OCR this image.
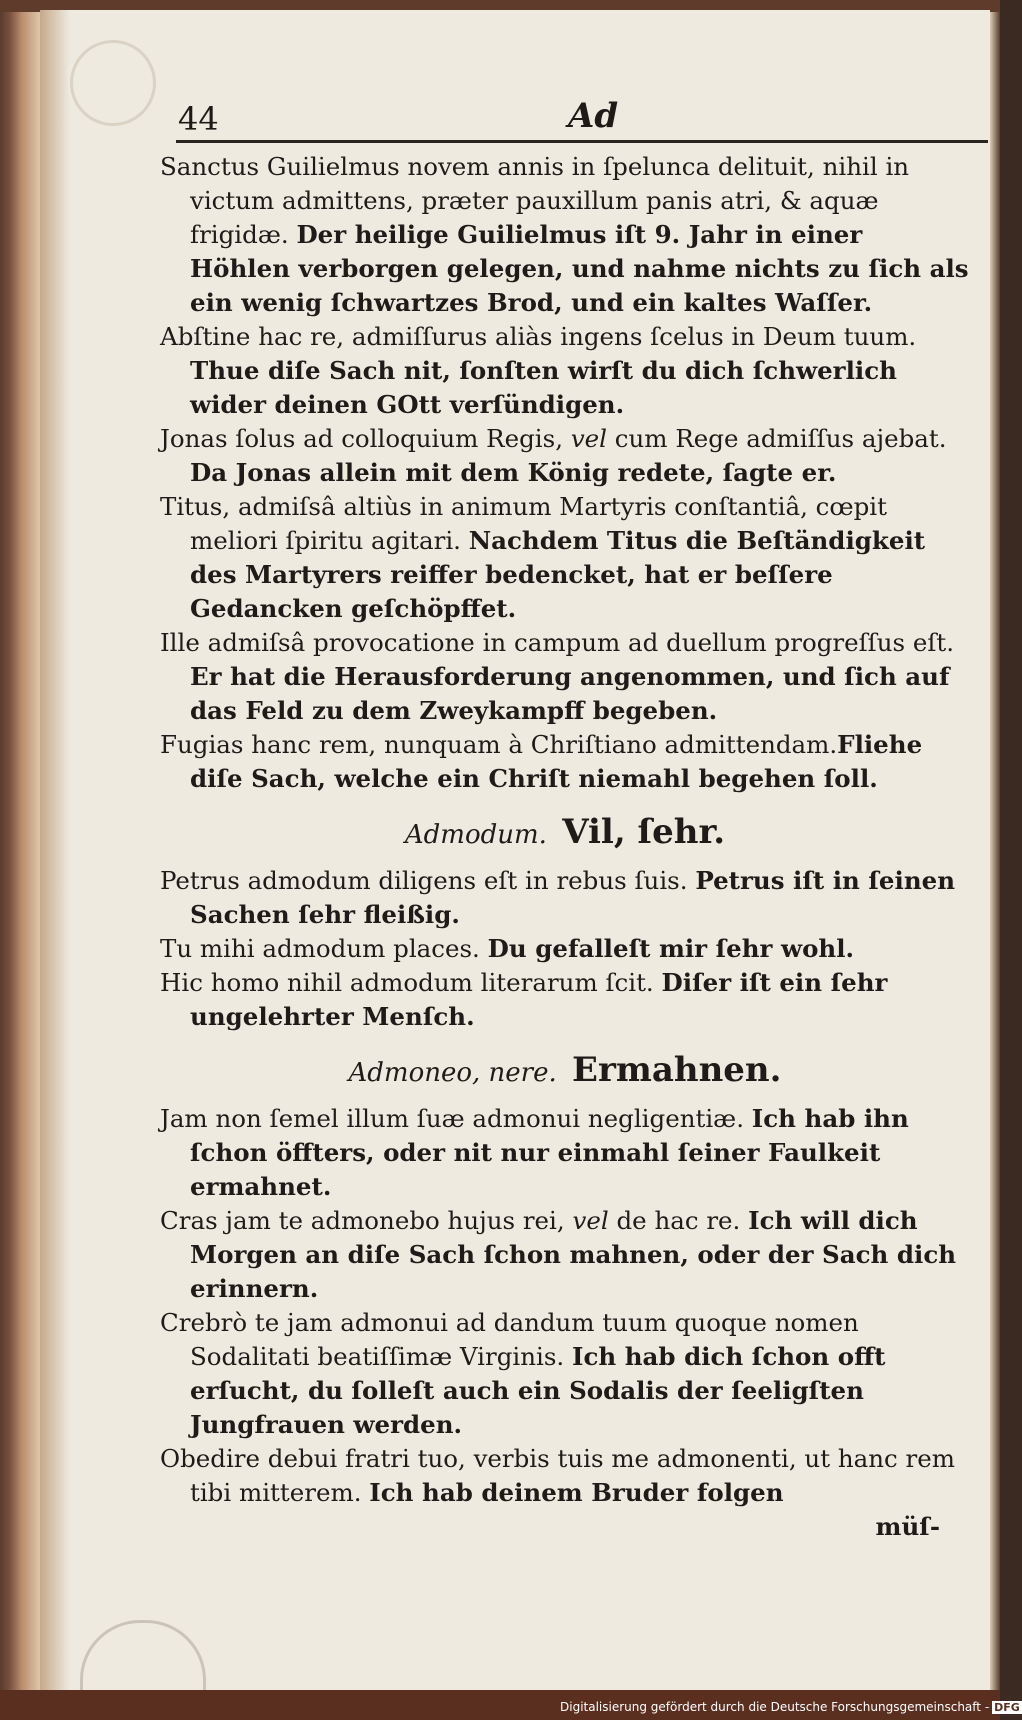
44	Ad

Sanctus Guilielmus novem annis in ſpelunca delituit, nihil in victum admittens, præter pauxillum panis atri, & aquæ frigidæ. Der heilige Guilielmus iſt 9. Jahr in einer Höhlen verborgen gelegen, und nahme nichts zu ſich als ein wenig ſchwartzes Brod, und ein kaltes Waſſer.

Abſtine hac re, admiſſurus aliàs ingens ſcelus in Deum tuum. Thue diſe Sach nit, ſonſten wirſt du dich ſchwerlich wider deinen GOtt verſündigen.

Jonas ſolus ad colloquium Regis, vel cum Rege admiſſus ajebat. Da Jonas allein mit dem König redete, ſagte er.

Titus, admiſsâ altiùs in animum Martyris conſtantiâ, cœpit meliori ſpiritu agitari. Nachdem Titus die Beſtändigkeit des Martyrers reiffer bedencket, hat er beſſere Gedancken geſchöpffet.

Ille admiſsâ provocatione in campum ad duellum progreſſus eſt. Er hat die Herausforderung angenommen, und ſich auf das Feld zu dem Zweykampff begeben.

Fugias hanc rem, nunquam à Chriſtiano admittendam.Fliehe diſe Sach, welche ein Chriſt niemahl begehen ſoll.

Admodum. Vil, ſehr.

Petrus admodum diligens eſt in rebus ſuis. Petrus iſt in ſeinen Sachen ſehr fleißig.

Tu mihi admodum places. Du gefalleſt mir ſehr wohl.

Hic homo nihil admodum literarum ſcit. Diſer iſt ein ſehr ungelehrter Menſch.

Admoneo, nere. Ermahnen.

Jam non ſemel illum ſuæ admonui negligentiæ. Ich hab ihn ſchon öffters, oder nit nur einmahl ſeiner Faulkeit ermahnet.

Cras jam te admonebo hujus rei, vel de hac re. Ich will dich Morgen an diſe Sach ſchon mahnen, oder der Sach dich erinnern.

Crebrò te jam admonui ad dandum tuum quoque nomen Sodalitati beatiſſimæ Virginis. Ich hab dich ſchon offt erſucht, du ſolleſt auch ein Sodalis der ſeeligſten Jungfrauen werden.

Obedire debui fratri tuo, verbis tuis me admonenti, ut hanc rem tibi mitterem. Ich hab deinem Bruder folgen

müſ-
Digitalisierung gefördert durch die Deutsche Forschungsgemeinschaft - DFG
